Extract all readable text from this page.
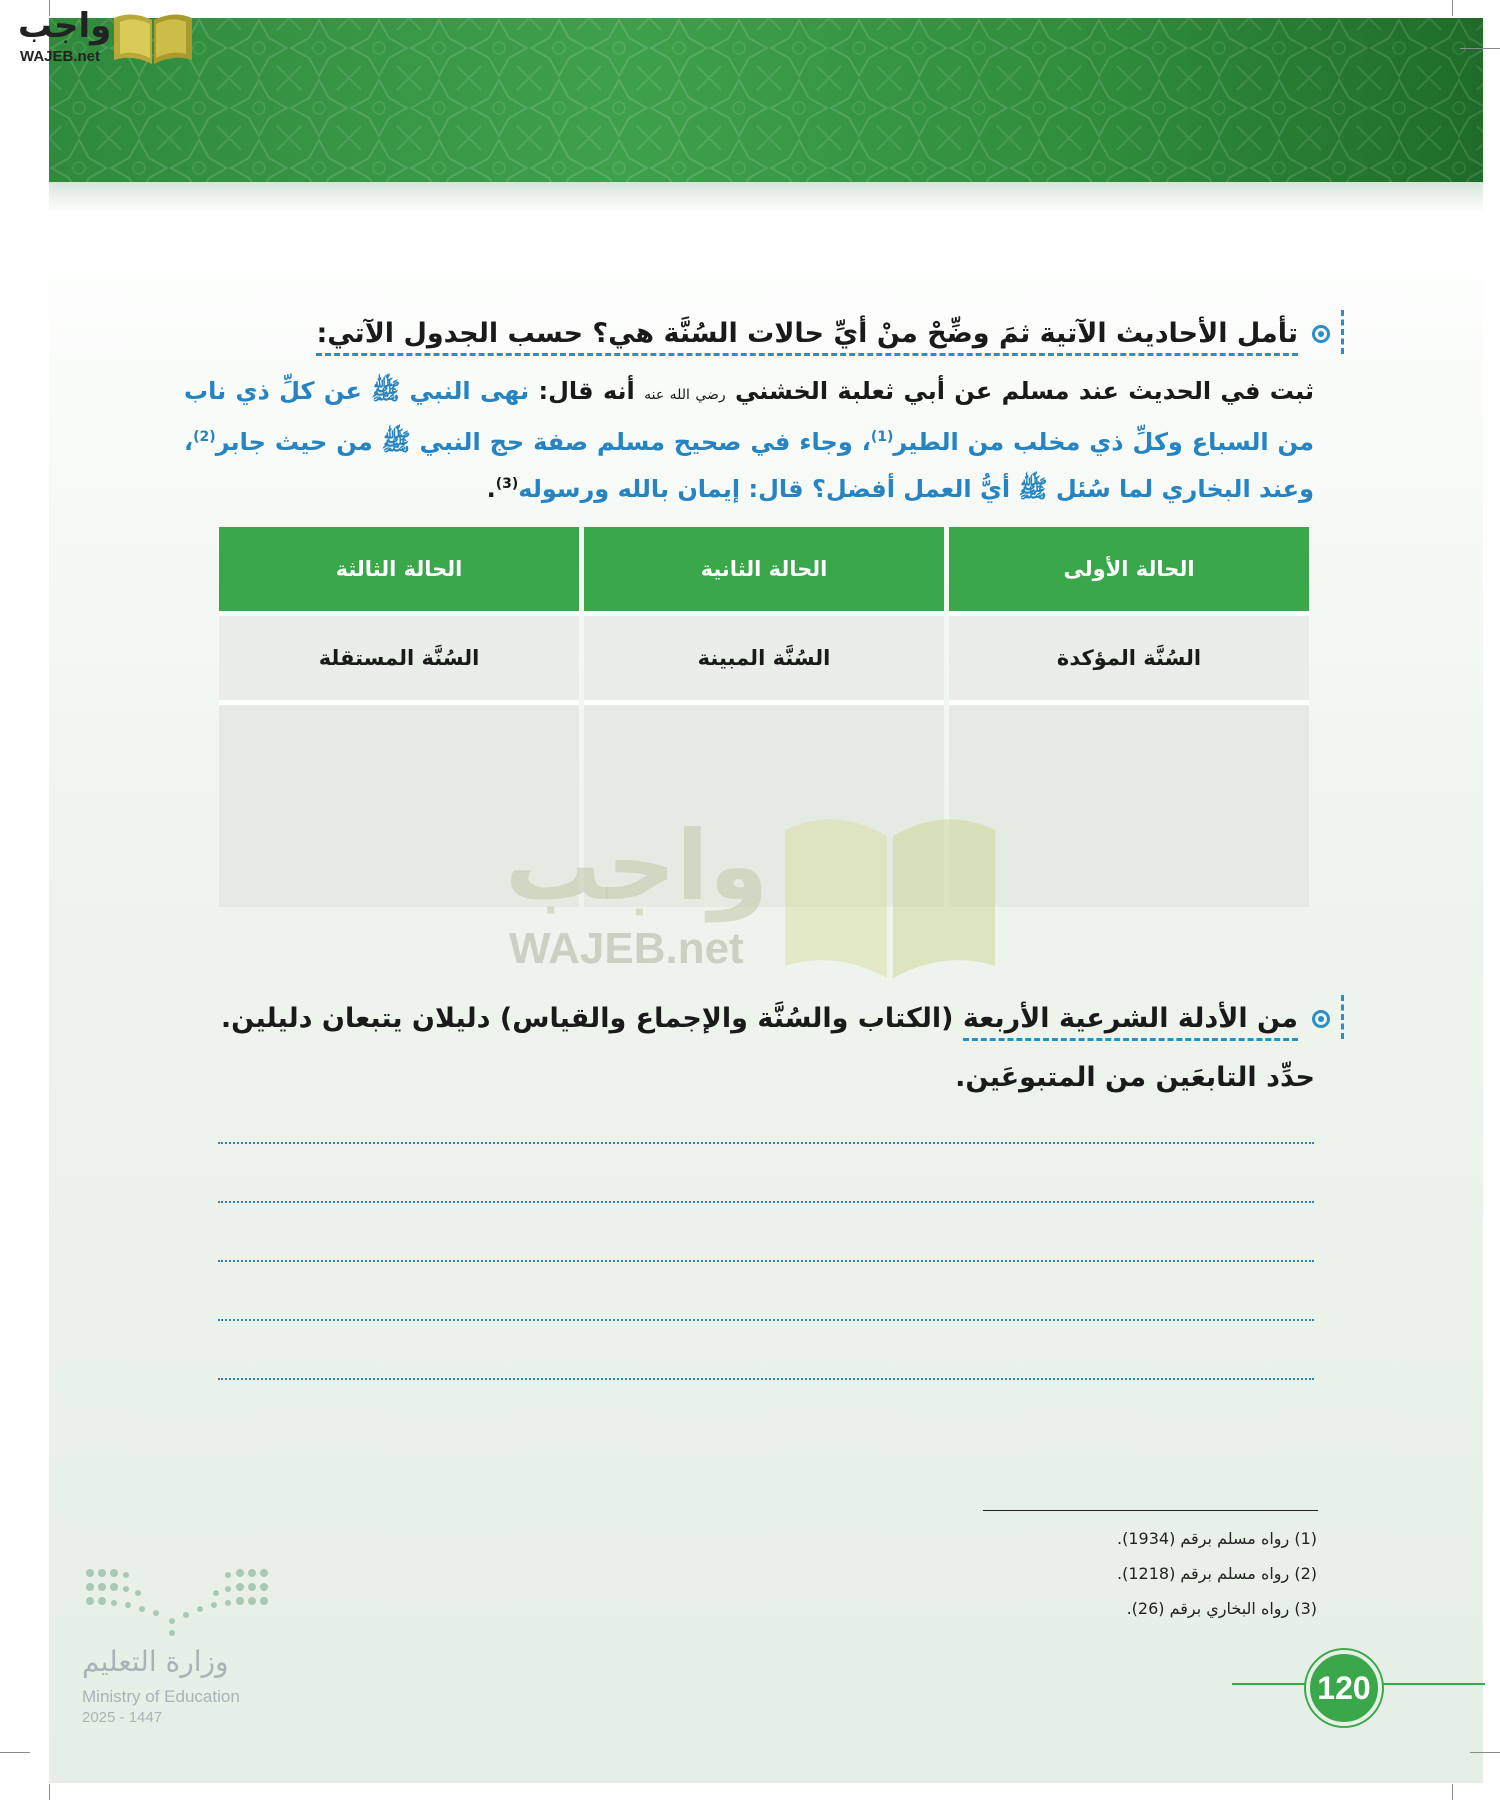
واجب
WAJEB.net
تأمل الأحاديث الآتية ثمَ وضِّحْ منْ أيِّ حالات السُنَّة هي؟ حسب الجدول الآتي:
ثبت في الحديث عند مسلم عن أبي ثعلبة الخشني رضي الله عنه أنه قال: نهى النبي ﷺ عن كلِّ ذي ناب من السباع وكلِّ ذي مخلب من الطير$^{(1)}$، وجاء في صحيح مسلم صفة حج النبي ﷺ من حيث جابر$^{(2)}$، وعند البخاري لما سُئل ﷺ أيُّ العمل أفضل؟ قال: إيمان بالله ورسوله$^{(3)}$.
الحالة الأولى	الحالة الثانية	الحالة الثالثة
السُنَّة المؤكدة	السُنَّة المبينة	السُنَّة المستقلة

واجب
WAJEB.net
من الأدلة الشرعية الأربعة (الكتاب والسُنَّة والإجماع والقياس) دليلان يتبعان دليلين.
حدِّد التابعَين من المتبوعَين.
(1) رواه مسلم برقم (1934).
(2) رواه مسلم برقم (1218).
(3) رواه البخاري برقم (26).
وزارة التعليم
Ministry of Education
2025 - 1447
120
